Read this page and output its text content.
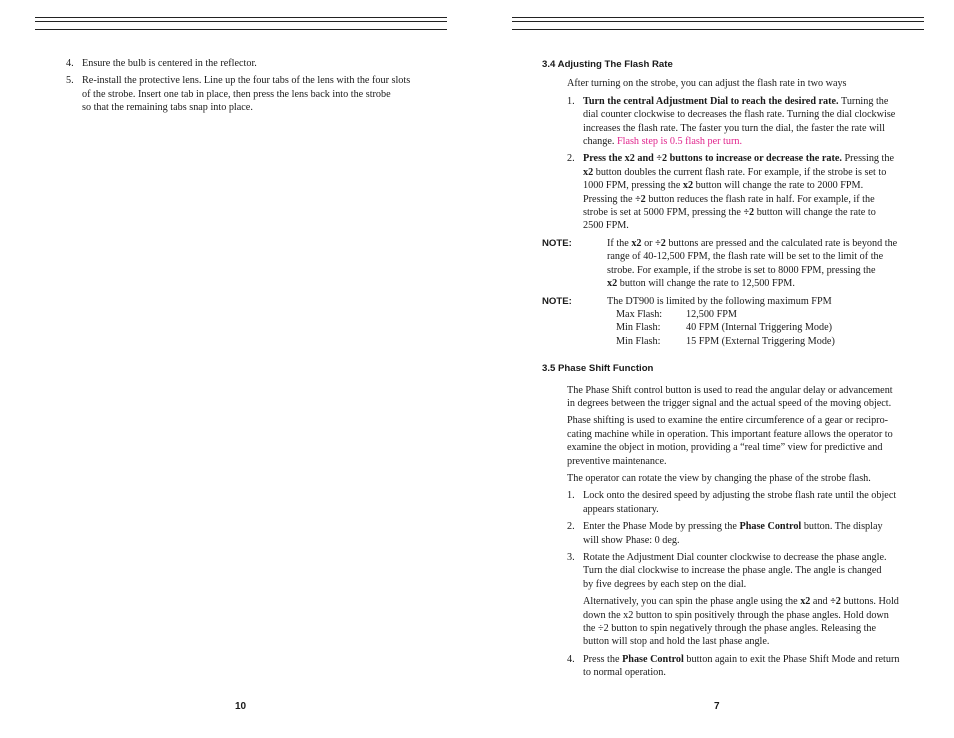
4. Ensure the bulb is centered in the reflector.
5. Re-install the protective lens. Line up the four tabs of the lens with the four slots
of the strobe. Insert one tab in place, then press the lens back into the strobe
so that the remaining tabs snap into place.
10
3.4 Adjusting The Flash Rate
After turning on the strobe, you can adjust the flash rate in two ways
1. Turn the central Adjustment Dial to reach the desired rate. Turning the
dial counter clockwise to decreases the flash rate. Turning the dial clockwise
increases the flash rate. The faster you turn the dial, the faster the rate will
change. Flash step is 0.5 flash per turn.
2. Press the x2 and ÷2 buttons to increase or decrease the rate. Pressing the
x2 button doubles the current flash rate. For example, if the strobe is set to
1000 FPM, pressing the x2 button will change the rate to 2000 FPM.
Pressing the ÷2 button reduces the flash rate in half. For example, if the
strobe is set at 5000 FPM, pressing the ÷2 button will change the rate to
2500 FPM.
NOTE:	If the x2 or ÷2 buttons are pressed and the calculated rate is beyond the
range of 40-12,500 FPM, the flash rate will be set to the limit of the
strobe. For example, if the strobe is set to 8000 FPM, pressing the
x2 button will change the rate to 12,500 FPM.
NOTE:	The DT900 is limited by the following maximum FPM
Max Flash:	12,500 FPM
Min Flash:	40 FPM (Internal Triggering Mode)
Min Flash:	15 FPM (External Triggering Mode)
3.5 Phase Shift Function
The Phase Shift control button is used to read the angular delay or advancement
in degrees between the trigger signal and the actual speed of the moving object.
Phase shifting is used to examine the entire circumference of a gear or recipro-
cating machine while in operation. This important feature allows the operator to
examine the object in motion, providing a “real time” view for predictive and
preventive maintenance.
The operator can rotate the view by changing the phase of the strobe flash.
1. Lock onto the desired speed by adjusting the strobe flash rate until the object
appears stationary.
2. Enter the Phase Mode by pressing the Phase Control button. The display
will show Phase: 0 deg.
3. Rotate the Adjustment Dial counter clockwise to decrease the phase angle.
Turn the dial clockwise to increase the phase angle. The angle is changed
by five degrees by each step on the dial.
Alternatively, you can spin the phase angle using the x2 and ÷2 buttons. Hold
down the x2 button to spin positively through the phase angles. Hold down
the ÷2 button to spin negatively through the phase angles. Releasing the
button will stop and hold the last phase angle.
4. Press the Phase Control button again to exit the Phase Shift Mode and return
to normal operation.
7
